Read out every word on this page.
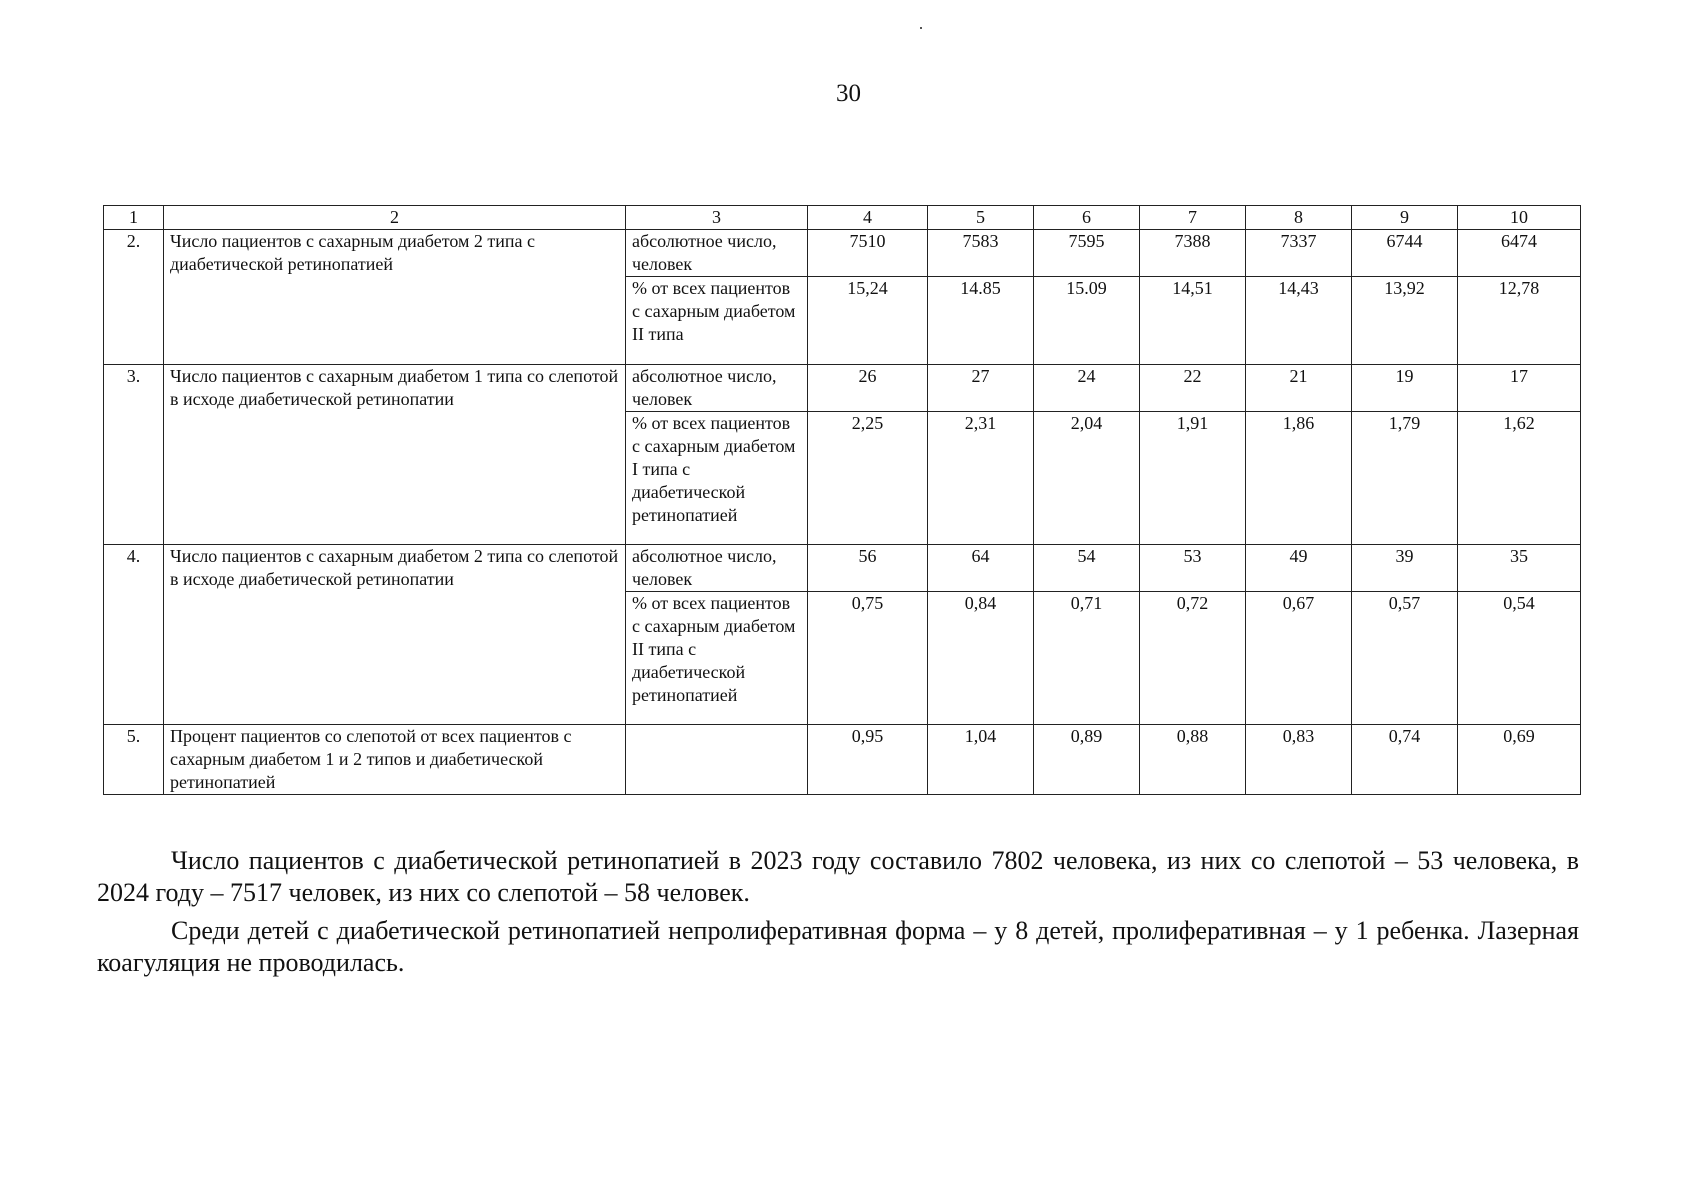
30
1	2	3	4	5	6	7	8	9	10
2.	Число пациентов с сахарным диабетом 2 типа с диабетической ретинопатией	абсолютное число, человек	7510	7583	7595	7388	7337	6744	6474
		% от всех пациентов с сахарным диабетом II типа	15,24	14.85	15.09	14,51	14,43	13,92	12,78
3.	Число пациентов с сахарным диабетом 1 типа со слепотой в исходе диабетической ретинопатии	абсолютное число, человек	26	27	24	22	21	19	17
		% от всех пациентов с сахарным диабетом I типа с диабетической ретинопатией	2,25	2,31	2,04	1,91	1,86	1,79	1,62
4.	Число пациентов с сахарным диабетом 2 типа со слепотой в исходе диабетической ретинопатии	абсолютное число, человек	56	64	54	53	49	39	35
		% от всех пациентов с сахарным диабетом II типа с диабетической ретинопатией	0,75	0,84	0,71	0,72	0,67	0,57	0,54
5.	Процент пациентов со слепотой от всех пациентов с сахарным диабетом 1 и 2 типов и диабетической ретинопатией		0,95	1,04	0,89	0,88	0,83	0,74	0,69

Число пациентов с диабетической ретинопатией в 2023 году составило 7802 человека, из них со слепотой – 53 человека, в 2024 году – 7517 человек, из них со слепотой – 58 человек.

Среди детей с диабетической ретинопатией непролиферативная форма – у 8 детей, пролиферативная – у 1 ребенка. Лазерная коагуляция не проводилась.
